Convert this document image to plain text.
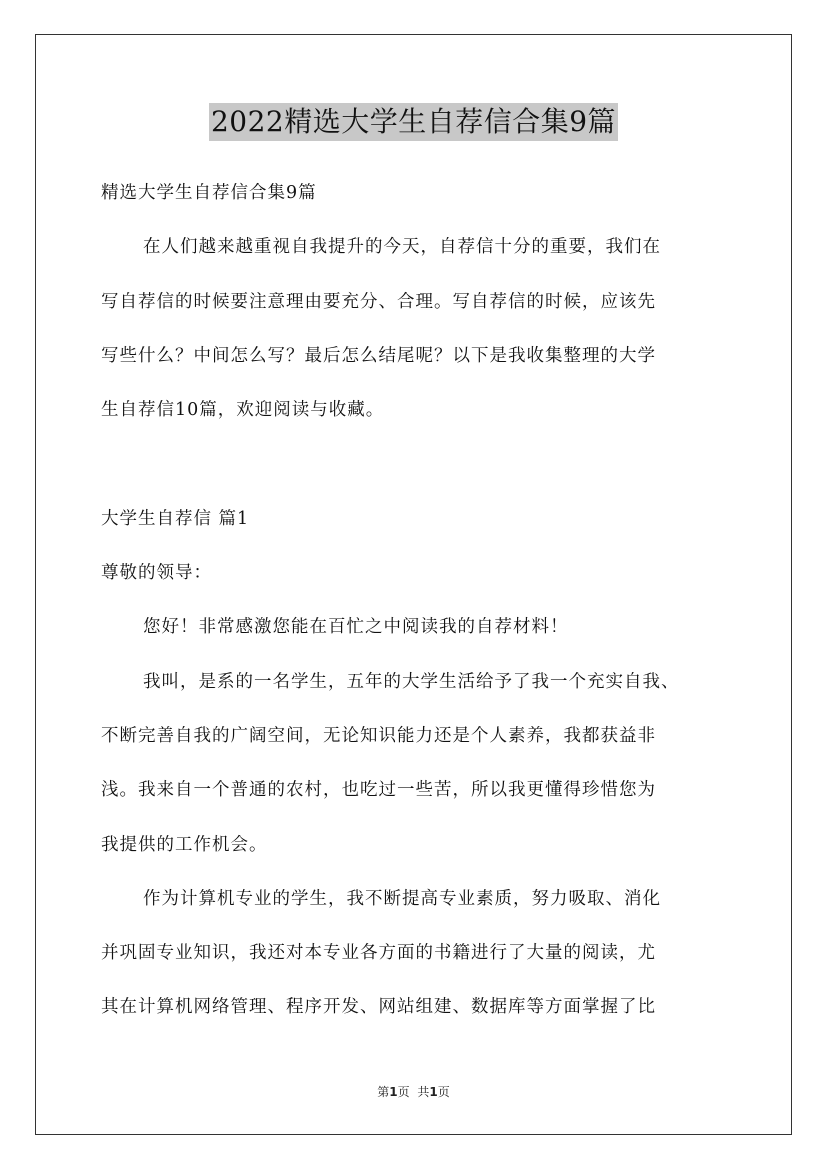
2022精选大学生自荐信合集9篇
精选大学生自荐信合集9篇
在人们越来越重视自我提升的今天，自荐信十分的重要，我们在
写自荐信的时候要注意理由要充分、合理。写自荐信的时候，应该先
写些什么？中间怎么写？最后怎么结尾呢？以下是我收集整理的大学
生自荐信10篇，欢迎阅读与收藏。
大学生自荐信 篇1
尊敬的领导：
您好！非常感激您能在百忙之中阅读我的自荐材料！
我叫，是系的一名学生，五年的大学生活给予了我一个充实自我、
不断完善自我的广阔空间，无论知识能力还是个人素养，我都获益非
浅。我来自一个普通的农村，也吃过一些苦，所以我更懂得珍惜您为
我提供的工作机会。
作为计算机专业的学生，我不断提高专业素质，努力吸取、消化
并巩固专业知识，我还对本专业各方面的书籍进行了大量的阅读，尤
其在计算机网络管理、程序开发、网站组建、数据库等方面掌握了比
第1页 共1页
